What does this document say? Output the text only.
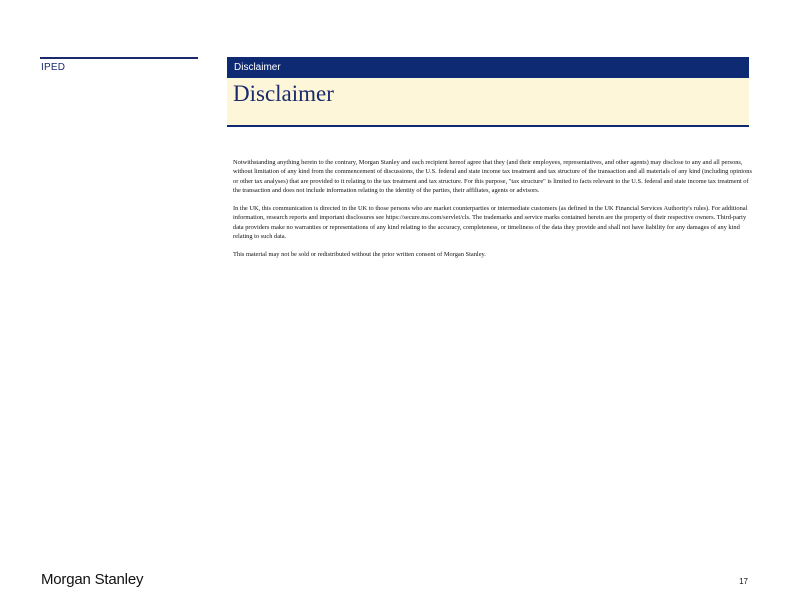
IPED	Disclaimer
Disclaimer

Notwithstanding anything herein to the contrary, Morgan Stanley and each recipient hereof agree that they (and their employees, representatives, and other agents) may disclose to any and all persons, without limitation of any kind from the commencement of discussions, the U.S. federal and state income tax treatment and tax structure of the transaction and all materials of any kind (including opinions or other tax analyses) that are provided to it relating to the tax treatment and tax structure. For this purpose, "tax structure" is limited to facts relevant to the U.S. federal and state income tax treatment of the transaction and does not include information relating to the identity of the parties, their affiliates, agents or advisors.

In the UK, this communication is directed in the UK to those persons who are market counterparties or intermediate customers (as defined in the UK Financial Services Authority's rules). For additional information, research reports and important disclosures see https://secure.ms.com/servlet/cls. The trademarks and service marks contained herein are the property of their respective owners. Third-party data providers make no warranties or representations of any kind relating to the accuracy, completeness, or timeliness of the data they provide and shall not have liability for any damages of any kind relating to such data.

This material may not be sold or redistributed without the prior written consent of Morgan Stanley.

Morgan Stanley	17
